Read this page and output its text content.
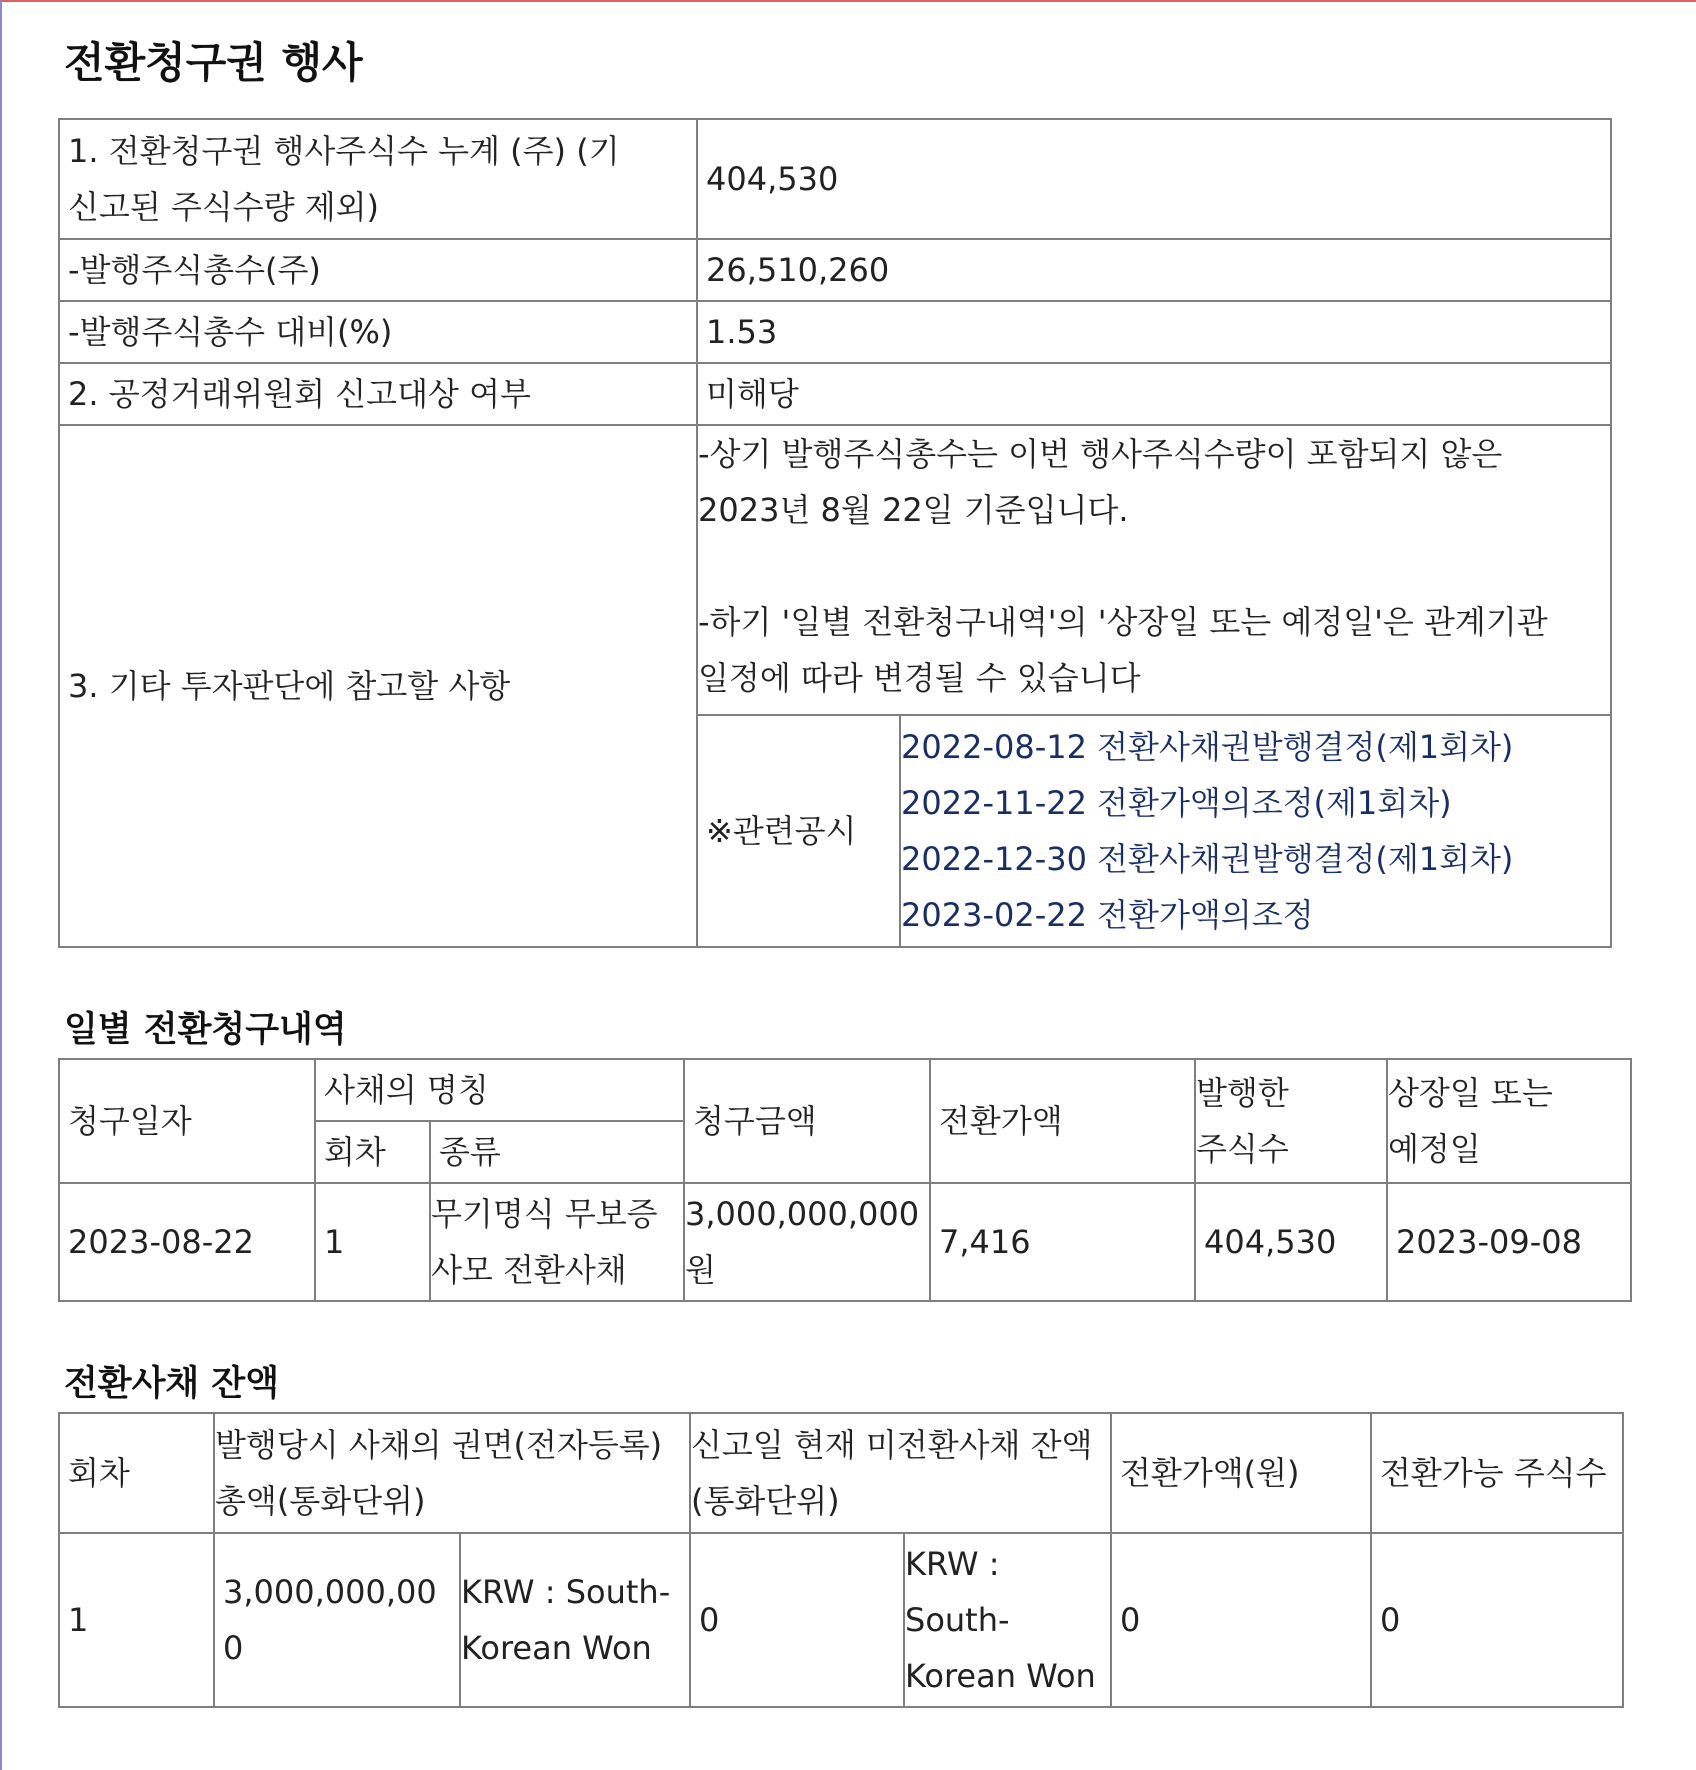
전환청구권 행사
1. 전환청구권 행사주식수 누계 (주) (기 신고된 주식수량 제외)	404,530	
-발행주식총수(주)	26,510,260	
-발행주식총수 대비(%)	1.53	
2. 공정거래위원회 신고대상 여부	미해당	
3. 기타 투자판단에 참고할 사항	-상기 발행주식총수는 이번 행사주식수량이 포함되지 않은 2023년 8월 22일 기준입니다.
-하기 '일별 전환청구내역'의 '상장일 또는 예정일'은 관계기관 일정에 따라 변경될 수 있습니다	

	※관련공시	2022-08-12 전환사채권발행결정(제1회차)
2022-11-22 전환가액의조정(제1회차)
2022-12-30 전환사채권발행결정(제1회차)
2023-02-22 전환가액의조정
일별 전환청구내역
청구일자	사채의 명칭		청구금액	전환가액	발행한 주식수	상장일 또는 예정일
	회차	종류				
2023-08-22	1	무기명식 무보증 사모 전환사채	3,000,000,000원	7,416	404,530	2023-09-08
전환사채 잔액
회차	발행당시 사채의 권면(전자등록)총액(통화단위)		신고일 현재 미전환사채 잔액 (통화단위)		전환가액(원)	전환가능 주식수
1	3,000,000,000	KRW : South-Korean Won	0	KRW : South-Korean Won	0	0
